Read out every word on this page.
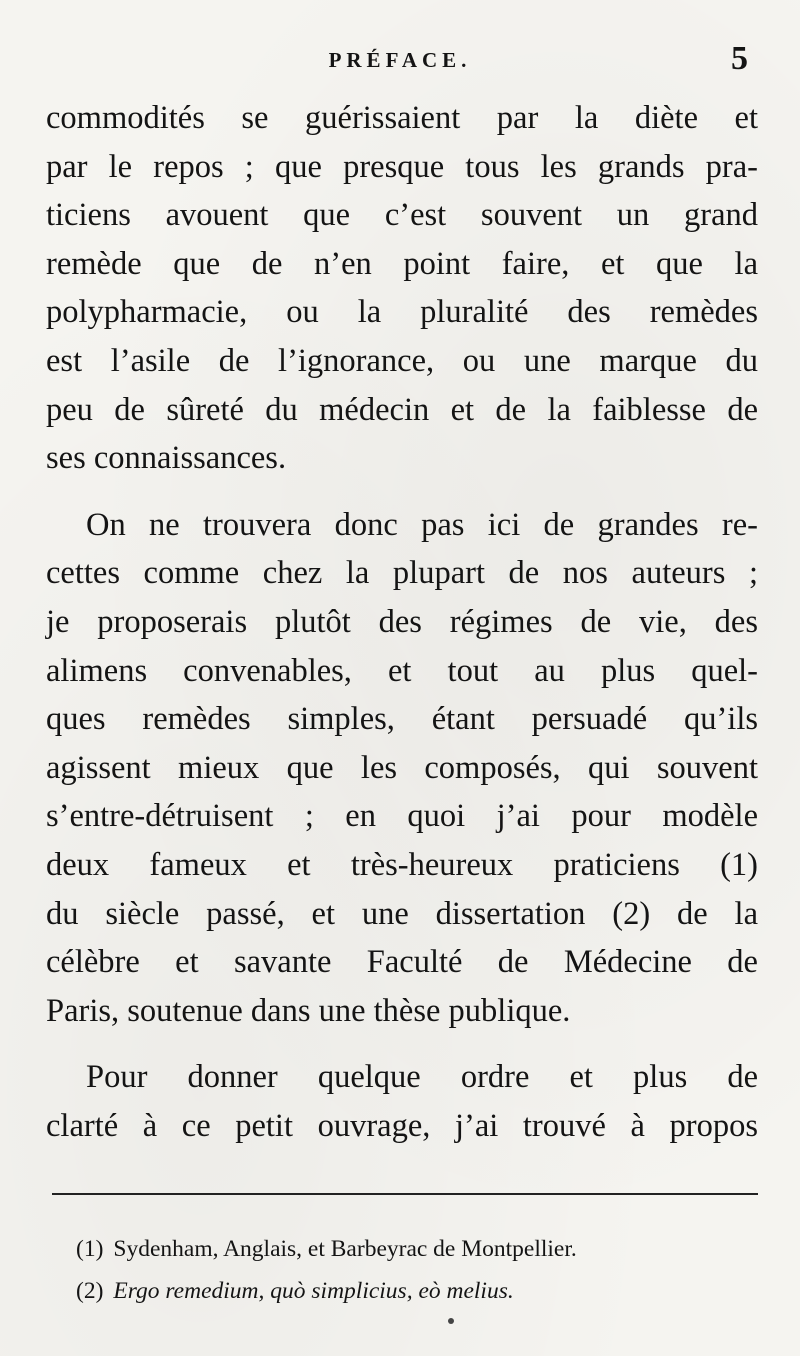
PRÉFACE.	5

commodités se guérissaient par la diète et
par le repos ; que presque tous les grands pra-
ticiens avouent que c’est souvent un grand
remède que de n’en point faire, et que la
polypharmacie, ou la pluralité des remèdes
est l’asile de l’ignorance, ou une marque du
peu de sûreté du médecin et de la faiblesse de
ses connaissances.

On ne trouvera donc pas ici de grandes re-
cettes comme chez la plupart de nos auteurs ;
je proposerais plutôt des régimes de vie, des
alimens convenables, et tout au plus quel-
ques remèdes simples, étant persuadé qu’ils
agissent mieux que les composés, qui souvent
s’entre-détruisent ; en quoi j’ai pour modèle
deux fameux et très-heureux praticiens (1)
du siècle passé, et une dissertation (2) de la
célèbre et savante Faculté de Médecine de
Paris, soutenue dans une thèse publique.

Pour donner quelque ordre et plus de
clarté à ce petit ouvrage, j’ai trouvé à propos

(1) Sydenham, Anglais, et Barbeyrac de Montpellier.
(2) Ergo remedium, quò simplicius, eò melius.
